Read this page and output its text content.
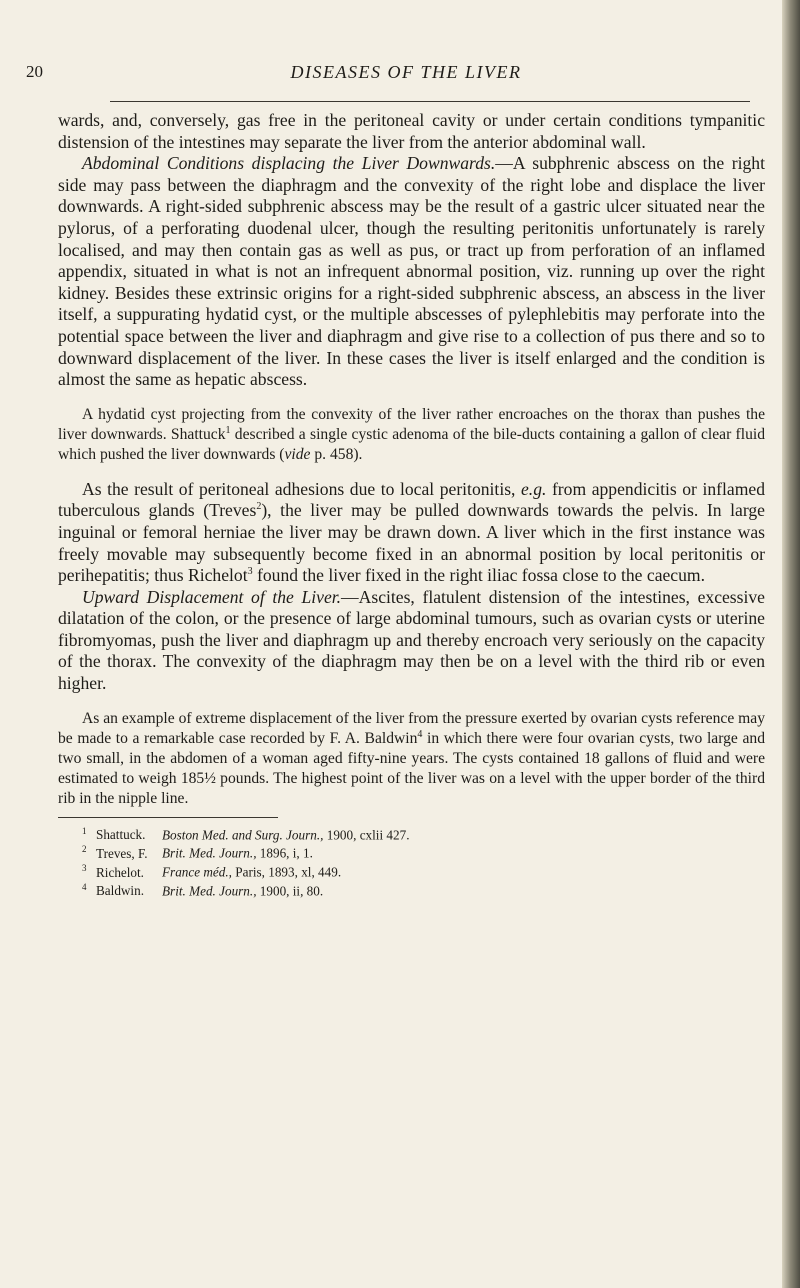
20	DISEASES OF THE LIVER

wards, and, conversely, gas free in the peritoneal cavity or under certain conditions tympanitic distension of the intestines may separate the liver from the anterior abdominal wall.

Abdominal Conditions displacing the Liver Downwards.—A subphrenic abscess on the right side may pass between the diaphragm and the convexity of the right lobe and displace the liver downwards. A right-sided subphrenic abscess may be the result of a gastric ulcer situated near the pylorus, of a perforating duodenal ulcer, though the resulting peritonitis unfortunately is rarely localised, and may then contain gas as well as pus, or tract up from perforation of an inflamed appendix, situated in what is not an infrequent abnormal position, viz. running up over the right kidney. Besides these extrinsic origins for a right-sided subphrenic abscess, an abscess in the liver itself, a suppurating hydatid cyst, or the multiple abscesses of pylephlebitis may perforate into the potential space between the liver and diaphragm and give rise to a collection of pus there and so to downward displacement of the liver. In these cases the liver is itself enlarged and the condition is almost the same as hepatic abscess.

A hydatid cyst projecting from the convexity of the liver rather encroaches on the thorax than pushes the liver downwards. Shattuck$^1$ described a single cystic adenoma of the bile-ducts containing a gallon of clear fluid which pushed the liver downwards (vide p. 458).

As the result of peritoneal adhesions due to local peritonitis, e.g. from appendicitis or inflamed tuberculous glands (Treves$^2$), the liver may be pulled downwards towards the pelvis. In large inguinal or femoral herniae the liver may be drawn down. A liver which in the first instance was freely movable may subsequently become fixed in an abnormal position by local peritonitis or perihepatitis; thus Richelot$^3$ found the liver fixed in the right iliac fossa close to the caecum.

Upward Displacement of the Liver.—Ascites, flatulent distension of the intestines, excessive dilatation of the colon, or the presence of large abdominal tumours, such as ovarian cysts or uterine fibromyomas, push the liver and diaphragm up and thereby encroach very seriously on the capacity of the thorax. The convexity of the diaphragm may then be on a level with the third rib or even higher.

As an example of extreme displacement of the liver from the pressure exerted by ovarian cysts reference may be made to a remarkable case recorded by F. A. Baldwin$^4$ in which there were four ovarian cysts, two large and two small, in the abdomen of a woman aged fifty-nine years. The cysts contained 18 gallons of fluid and were estimated to weigh 185½ pounds. The highest point of the liver was on a level with the upper border of the third rib in the nipple line.

1 Shattuck. Boston Med. and Surg. Journ., 1900, cxlii 427.
2 Treves, F. Brit. Med. Journ., 1896, i, 1.
3 Richelot. France méd., Paris, 1893, xl, 449.
4 Baldwin. Brit. Med. Journ., 1900, ii, 80.
